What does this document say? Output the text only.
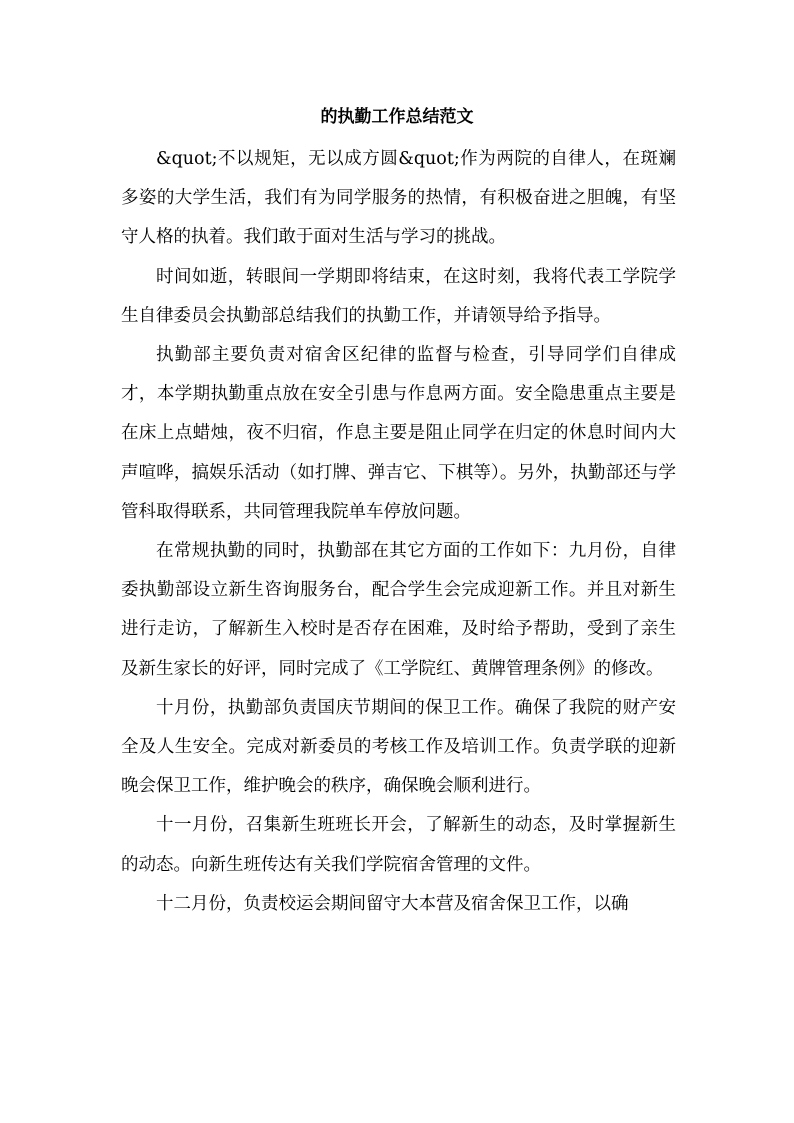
的执勤工作总结范文

&quot;不以规矩，无以成方圆&quot;作为两院的自律人，在斑斓多姿的大学生活，我们有为同学服务的热情，有积极奋进之胆魄，有坚守人格的执着。我们敢于面对生活与学习的挑战。

时间如逝，转眼间一学期即将结束，在这时刻，我将代表工学院学生自律委员会执勤部总结我们的执勤工作，并请领导给予指导。

执勤部主要负责对宿舍区纪律的监督与检查，引导同学们自律成才，本学期执勤重点放在安全引患与作息两方面。安全隐患重点主要是在床上点蜡烛，夜不归宿，作息主要是阻止同学在归定的休息时间内大声喧哗，搞娱乐活动（如打牌、弹吉它、下棋等）。另外，执勤部还与学管科取得联系，共同管理我院单车停放问题。

在常规执勤的同时，执勤部在其它方面的工作如下：九月份，自律委执勤部设立新生咨询服务台，配合学生会完成迎新工作。并且对新生进行走访，了解新生入校时是否存在困难，及时给予帮助，受到了亲生及新生家长的好评，同时完成了《工学院红、黄牌管理条例》的修改。

十月份，执勤部负责国庆节期间的保卫工作。确保了我院的财产安全及人生安全。完成对新委员的考核工作及培训工作。负责学联的迎新晚会保卫工作，维护晚会的秩序，确保晚会顺利进行。

十一月份，召集新生班班长开会，了解新生的动态，及时掌握新生的动态。向新生班传达有关我们学院宿舍管理的文件。

十二月份，负责校运会期间留守大本营及宿舍保卫工作，以确
